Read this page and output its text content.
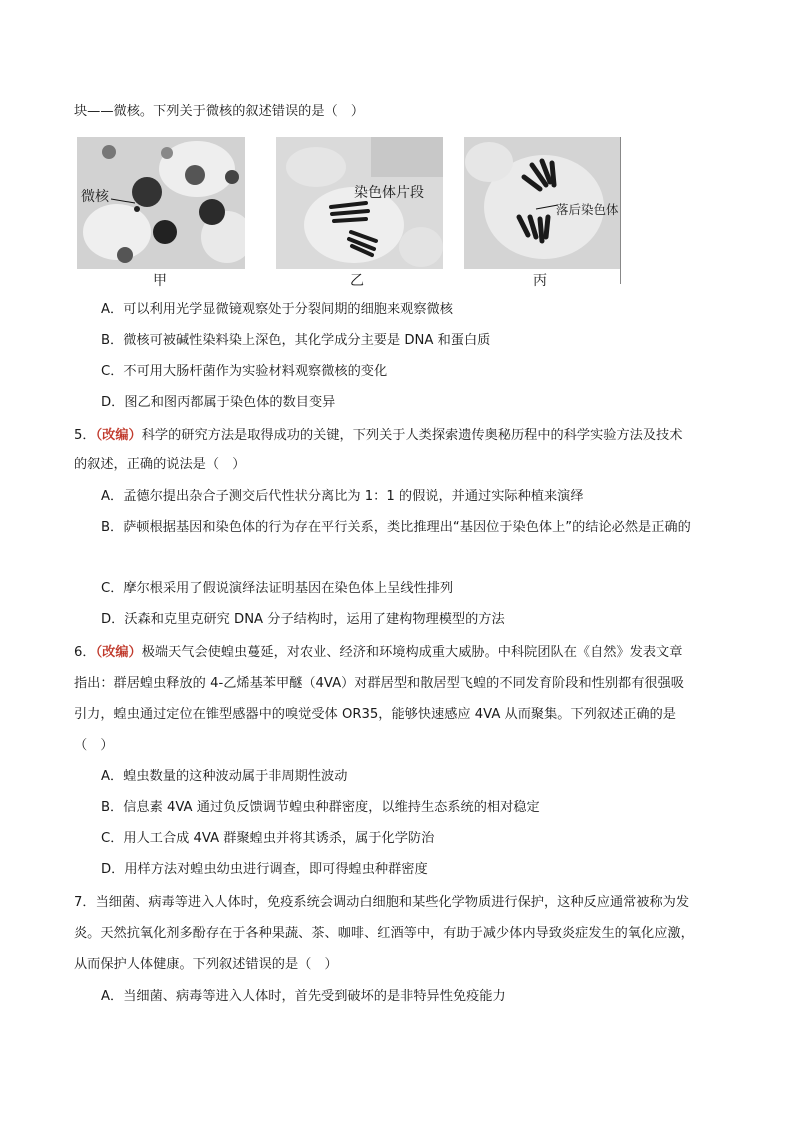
块——微核。下列关于微核的叙述错误的是（　）
微核
甲
染色体片段
乙
落后染色体
丙
A．可以利用光学显微镜观察处于分裂间期的细胞来观察微核
B．微核可被碱性染料染上深色，其化学成分主要是 DNA 和蛋白质
C．不可用大肠杆菌作为实验材料观察微核的变化
D．图乙和图丙都属于染色体的数目变异
5．（改编）科学的研究方法是取得成功的关键，下列关于人类探索遗传奥秘历程中的科学实验方法及技术
的叙述，正确的说法是（　）
A．孟德尔提出杂合子测交后代性状分离比为 1：1 的假说，并通过实际种植来演绎
B．萨顿根据基因和染色体的行为存在平行关系，类比推理出“基因位于染色体上”的结论必然是正确的
C．摩尔根采用了假说演绎法证明基因在染色体上呈线性排列
D．沃森和克里克研究 DNA 分子结构时，运用了建构物理模型的方法
6．（改编）极端天气会使蝗虫蔓延，对农业、经济和环境构成重大威胁。中科院团队在《自然》发表文章
指出：群居蝗虫释放的 4-乙烯基苯甲醚（4VA）对群居型和散居型飞蝗的不同发育阶段和性别都有很强吸
引力，蝗虫通过定位在锥型感器中的嗅觉受体 OR35，能够快速感应 4VA 从而聚集。下列叙述正确的是
（　）
A．蝗虫数量的这种波动属于非周期性波动
B．信息素 4VA 通过负反馈调节蝗虫种群密度，以维持生态系统的相对稳定
C．用人工合成 4VA 群聚蝗虫并将其诱杀，属于化学防治
D．用样方法对蝗虫幼虫进行调查，即可得蝗虫种群密度
7．当细菌、病毒等进入人体时，免疫系统会调动白细胞和某些化学物质进行保护，这种反应通常被称为发
炎。天然抗氧化剂多酚存在于各种果蔬、茶、咖啡、红酒等中，有助于减少体内导致炎症发生的氧化应激，
从而保护人体健康。下列叙述错误的是（　）
A．当细菌、病毒等进入人体时，首先受到破坏的是非特异性免疫能力
